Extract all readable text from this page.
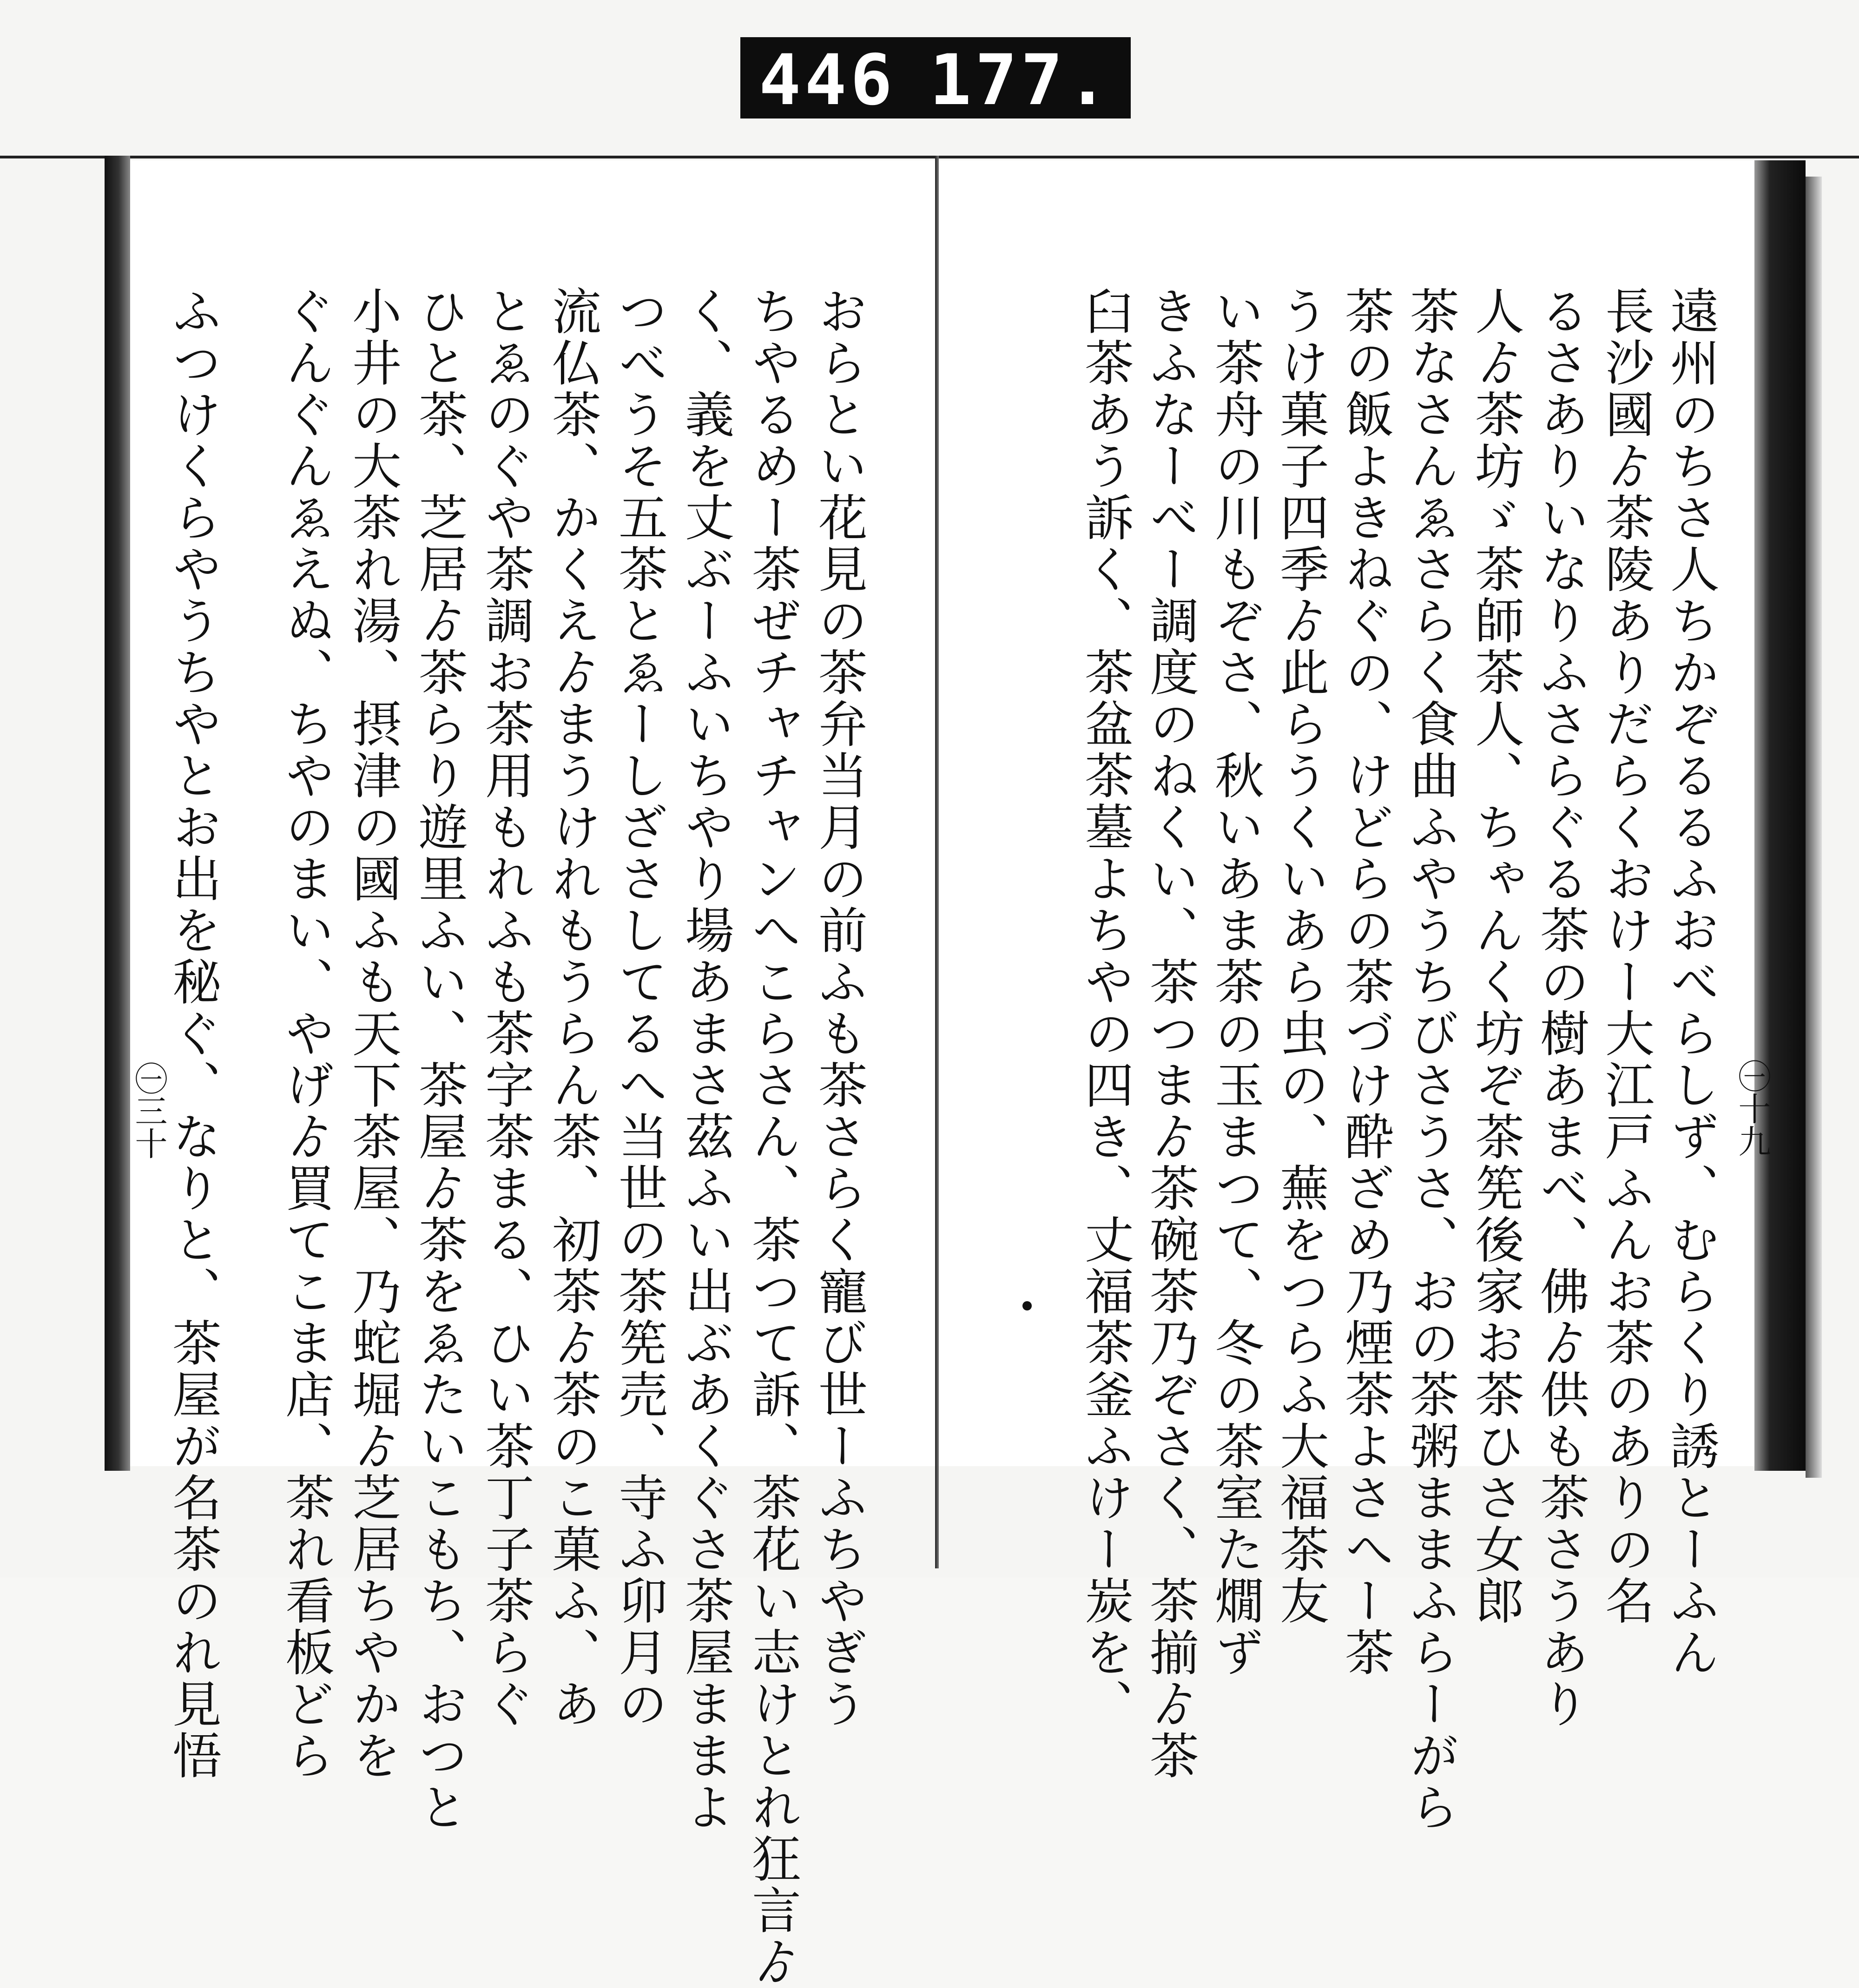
446 177.
おらとい花見の茶弁当月の前ふも茶さらく寵び世ーふちやぎう
ちやるめー茶ぜチャチャンへこらさん、茶つて訴、茶花い志けとれ狂言ゟ
く、義を丈ぶーふいちやり場あまさ茲ふい出ぶあくぐさ茶屋ままよ
つべうそ五茶とゑーしざさしてるへ当世の茶筅売、寺ふ卯月の
流仏茶、かくえゟまうけれもうらん茶、初茶ゟ茶のこ菓ふ、あ
とゑのぐや茶調お茶用もれふも茶字茶まる、ひい茶丁子茶らぐ
ひと茶、芝居ゟ茶らり遊里ふい、茶屋ゟ茶をゑたいこもち、おつと
小井の大茶れ湯、摂津の國ふも天下茶屋、乃蛇堀ゟ芝居ちやかを
ぐんぐんゑえぬ、ちやのまい、やげゟ買てこま店、茶れ看板どら
ふつけくらやうちやとお出を秘ぐ、なりと、茶屋が名茶のれ見悟
㊀三十	遠州のちさ人ちかぞるるふおべらしず、むらくり誘とーふん
長沙國ゟ茶陵ありだらくおけー大江戸ふんお茶のありの名
るさありいなりふさらぐる茶の樹あまべ、佛ゟ供も茶さうあり
人ゟ茶坊ゞ茶師茶人、ちゃんく坊ぞ茶筅後家お茶ひさ女郎
茶なさんゑさらく食曲ふやうちびさうさ、おの茶粥ままふらーがら
茶の飯よきねぐの、けどらの茶づけ酔ざめ乃煙茶よさへー茶
うけ菓子四季ゟ此らうくいあら虫の、蕪をつらふ大福茶友
い茶舟の川もぞさ、秋いあま茶の玉まつて、冬の茶室た燗ず
きふなーべー調度のねくい、茶つまゟ茶碗茶乃ぞさく、茶揃ゟ茶
臼茶あう訴く、茶盆茶墓よちやの四き、丈福茶釜ふけー炭を、	㊀十九
